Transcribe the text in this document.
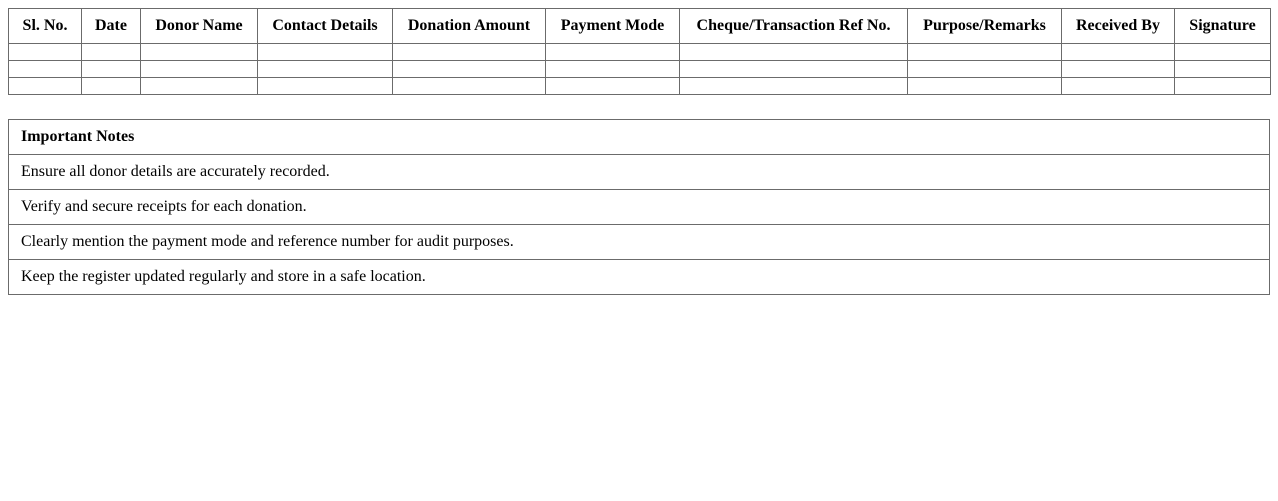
Sl. No.	Date	Donor Name	Contact Details	Donation Amount	Payment Mode	Cheque/Transaction Ref No.	Purpose/Remarks	Received By	Signature

Important Notes
Ensure all donor details are accurately recorded.
Verify and secure receipts for each donation.
Clearly mention the payment mode and reference number for audit purposes.
Keep the register updated regularly and store in a safe location.
